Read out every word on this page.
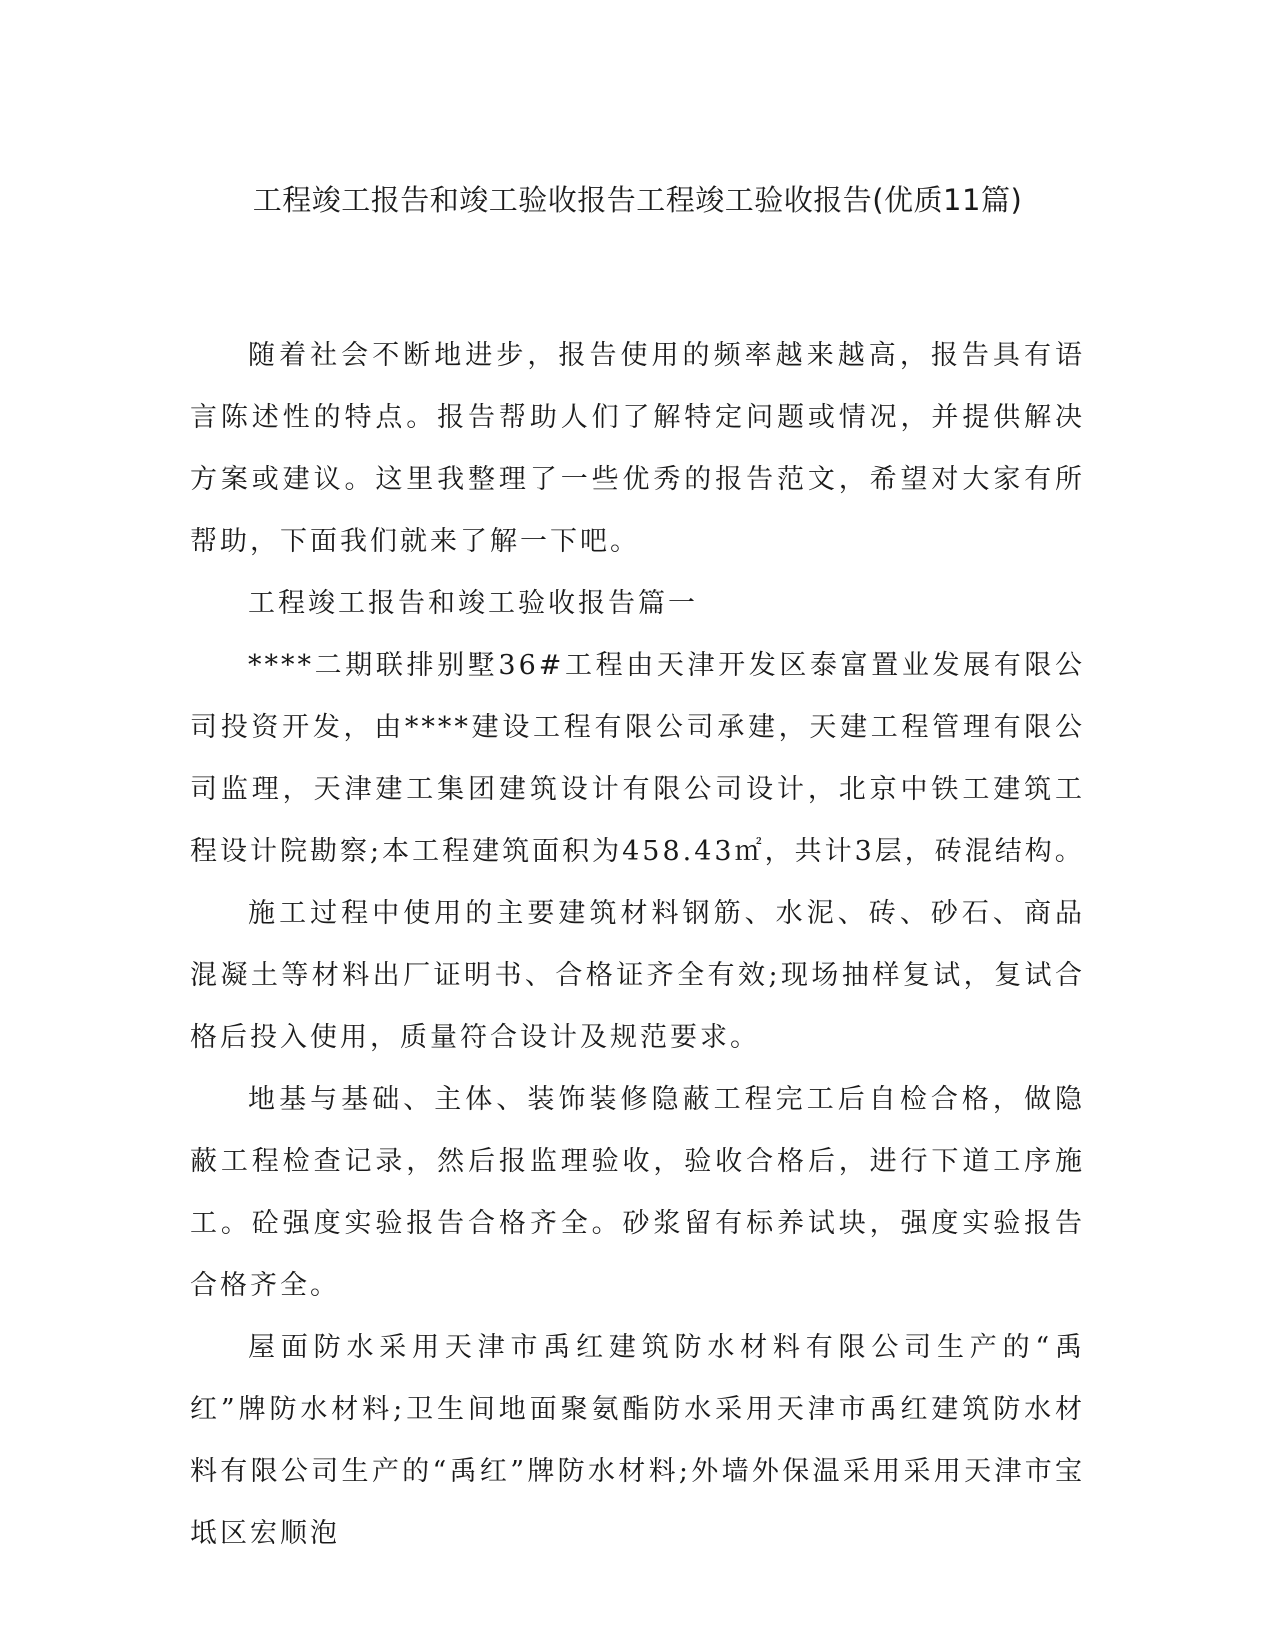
工程竣工报告和竣工验收报告工程竣工验收报告(优质11篇)

随着社会不断地进步，报告使用的频率越来越高，报告具有语言陈述性的特点。报告帮助人们了解特定问题或情况，并提供解决方案或建议。这里我整理了一些优秀的报告范文，希望对大家有所帮助，下面我们就来了解一下吧。

工程竣工报告和竣工验收报告篇一

****二期联排别墅36#工程由天津开发区泰富置业发展有限公司投资开发，由****建设工程有限公司承建，天建工程管理有限公司监理，天津建工集团建筑设计有限公司设计，北京中铁工建筑工程设计院勘察;本工程建筑面积为458.43㎡，共计3层，砖混结构。

施工过程中使用的主要建筑材料钢筋、水泥、砖、砂石、商品混凝土等材料出厂证明书、合格证齐全有效;现场抽样复试，复试合格后投入使用，质量符合设计及规范要求。

地基与基础、主体、装饰装修隐蔽工程完工后自检合格，做隐蔽工程检查记录，然后报监理验收，验收合格后，进行下道工序施工。砼强度实验报告合格齐全。砂浆留有标养试块，强度实验报告合格齐全。

屋面防水采用天津市禹红建筑防水材料有限公司生产的“禹红”牌防水材料;卫生间地面聚氨酯防水采用天津市禹红建筑防水材料有限公司生产的“禹红”牌防水材料;外墙外保温采用采用天津市宝坻区宏顺泡
